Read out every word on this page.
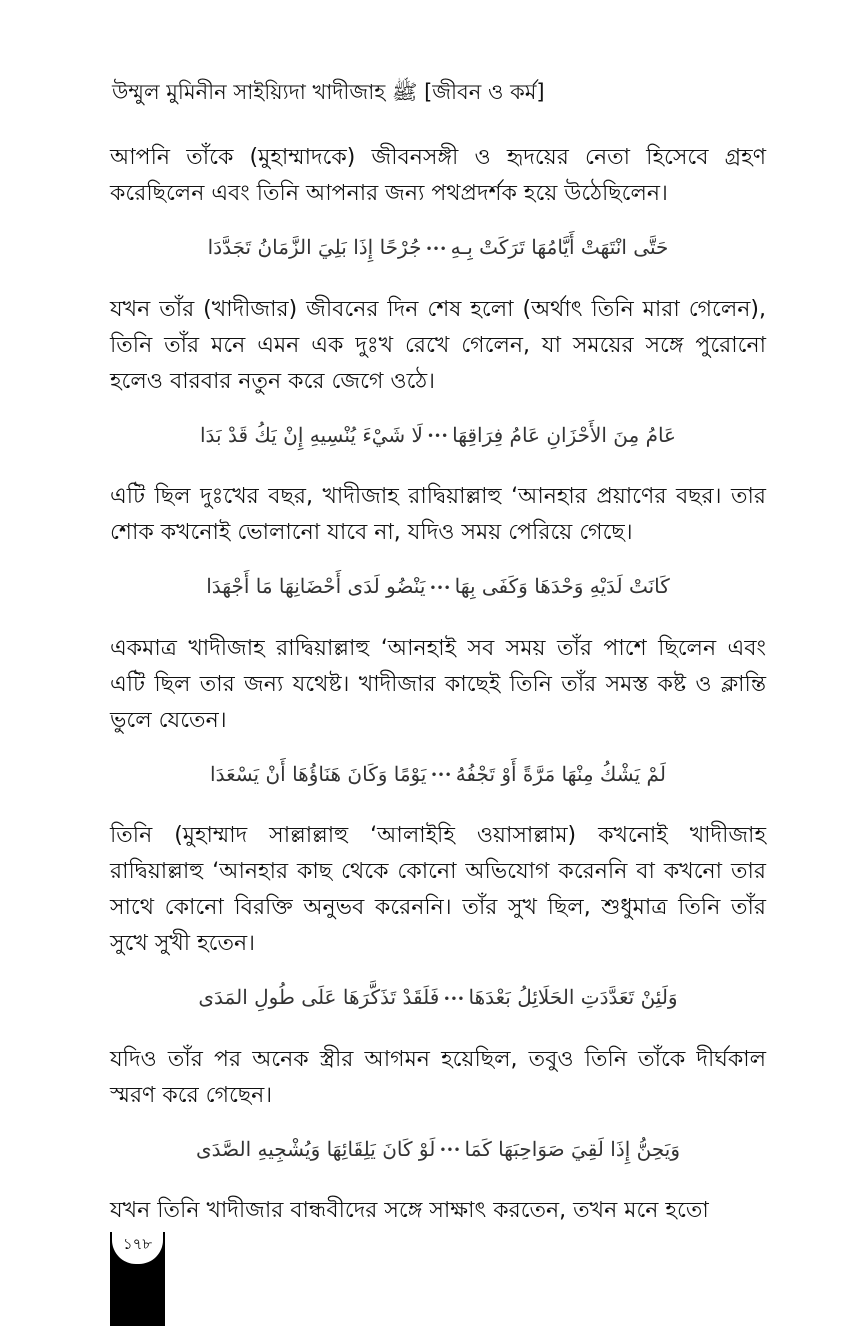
উম্মুল মুমিনীন সাইয়্যিদা খাদীজাহ ﷺ [জীবন ও কর্ম]

আপনি তাঁকে (মুহাম্মাদকে) জীবনসঙ্গী ও হৃদয়ের নেতা হিসেবে গ্রহণ করেছিলেন এবং তিনি আপনার জন্য পথপ্রদর্শক হয়ে উঠেছিলেন।

حَتَّى انْتَهَتْ أَيَّامُهَا تَرَكَتْ بِـهِ•••جُرْحًا إِذَا بَلِيَ الزَّمَانُ تَجَدَّدَا

যখন তাঁর (খাদীজার) জীবনের দিন শেষ হলো (অর্থাৎ তিনি মারা গেলেন), তিনি তাঁর মনে এমন এক দুঃখ রেখে গেলেন, যা সময়ের সঙ্গে পুরোনো হলেও বারবার নতুন করে জেগে ওঠে।

عَامُ مِنَ الأَحْزَانِ عَامُ فِرَاقِهَا•••لَا شَيْءَ يُنْسِيهِ إِنْ يَكُ قَدْ بَدَا

এটি ছিল দুঃখের বছর, খাদীজাহ রাদ্বিয়াল্লাহু ‘আনহার প্রয়াণের বছর। তার শোক কখনোই ভোলানো যাবে না, যদিও সময় পেরিয়ে গেছে।

كَانَتْ لَدَيْهِ وَحْدَهَا وَكَفَى بِهَا•••يَنْضُو لَدَى أَحْضَانِهَا مَا أَجْهَدَا

একমাত্র খাদীজাহ রাদ্বিয়াল্লাহু ‘আনহাই সব সময় তাঁর পাশে ছিলেন এবং এটি ছিল তার জন্য যথেষ্ট। খাদীজার কাছেই তিনি তাঁর সমস্ত কষ্ট ও ক্লান্তি ভুলে যেতেন।

لَمْ يَشْكُ مِنْهَا مَرَّةً أَوْ تَجْفُهُ•••يَوْمًا وَكَانَ هَنَاؤُهَا أَنْ يَسْعَدَا

তিনি (মুহাম্মাদ সাল্লাল্লাহু ‘আলাইহি ওয়াসাল্লাম) কখনোই খাদীজাহ রাদ্বিয়াল্লাহু ‘আনহার কাছ থেকে কোনো অভিযোগ করেননি বা কখনো তার সাথে কোনো বিরক্তি অনুভব করেননি। তাঁর সুখ ছিল, শুধুমাত্র তিনি তাঁর সুখে সুখী হতেন।

وَلَئِنْ تَعَدَّدَتِ الحَلَائِلُ بَعْدَهَا•••فَلَقَدْ تَذَكَّرَهَا عَلَى طُولِ المَدَى

যদিও তাঁর পর অনেক স্ত্রীর আগমন হয়েছিল, তবুও তিনি তাঁকে দীর্ঘকাল স্মরণ করে গেছেন।

وَيَحِنُّ إِذَا لَقِيَ صَوَاحِبَهَا كَمَا•••لَوْ كَانَ يَلِقَائِهَا وَيُشْجِيهِ الصَّدَى

যখন তিনি খাদীজার বান্ধবীদের সঙ্গে সাক্ষাৎ করতেন, তখন মনে হতো

১৭৮
